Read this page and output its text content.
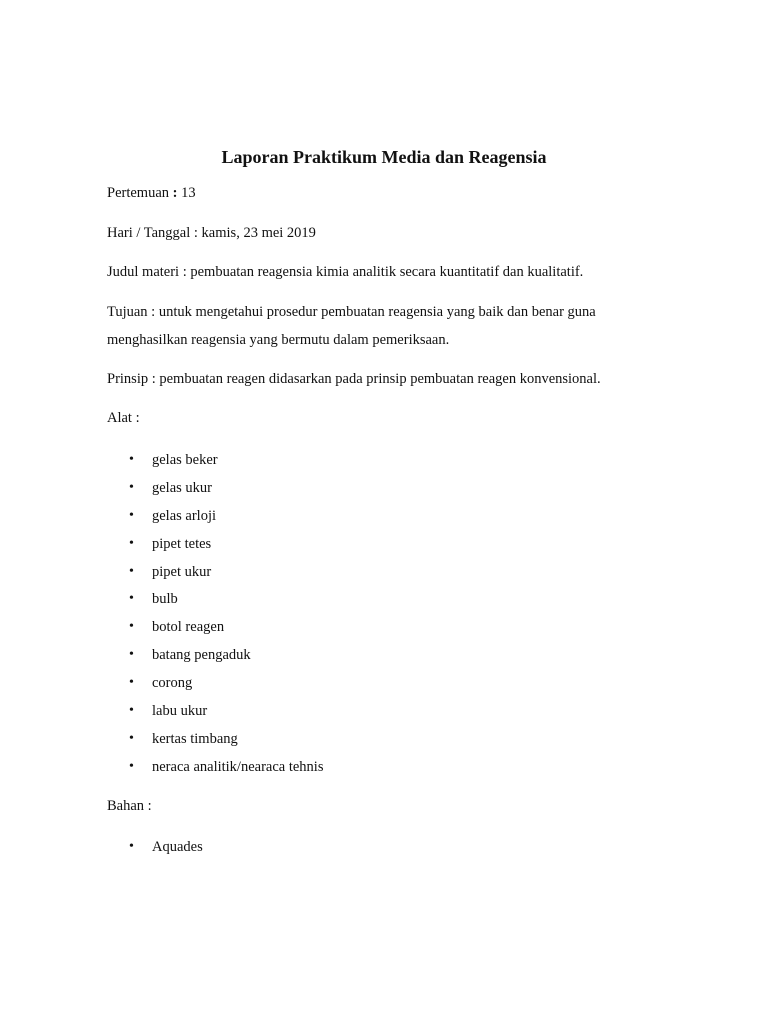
Laporan Praktikum Media dan Reagensia
Pertemuan : 13
Hari / Tanggal : kamis, 23 mei 2019
Judul materi : pembuatan reagensia kimia analitik secara kuantitatif dan kualitatif.
Tujuan : untuk mengetahui prosedur pembuatan reagensia yang baik dan benar guna
menghasilkan reagensia yang bermutu dalam pemeriksaan.
Prinsip : pembuatan reagen didasarkan pada prinsip pembuatan reagen konvensional.
Alat :
• gelas beker
• gelas ukur
• gelas arloji
• pipet tetes
• pipet ukur
• bulb
• botol reagen
• batang pengaduk
• corong
• labu ukur
• kertas timbang
• neraca analitik/nearaca tehnis
Bahan :
• Aquades
